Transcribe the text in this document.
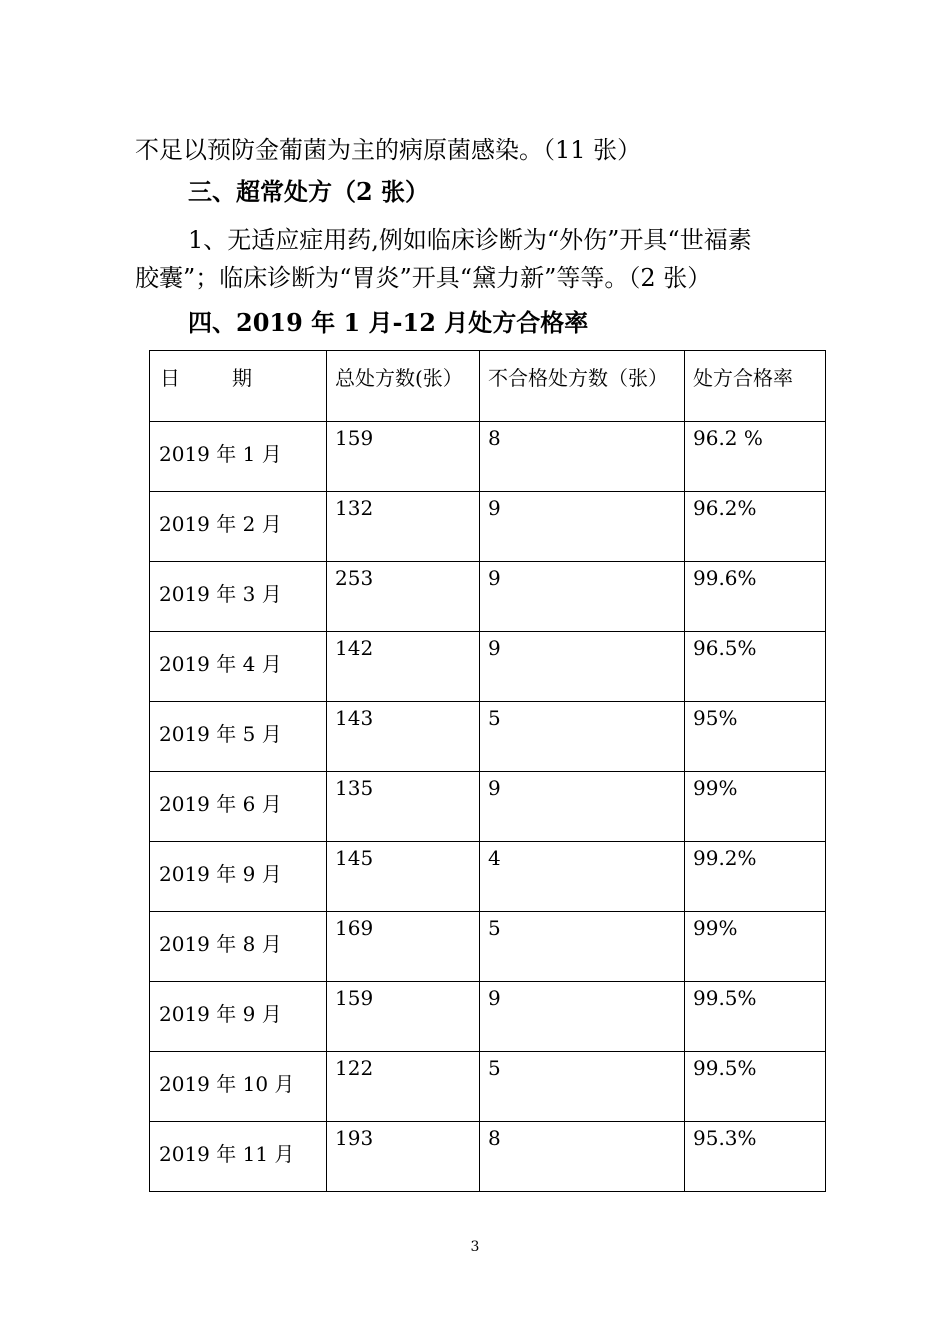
不足以预防金葡菌为主的病原菌感染。（11 张）
三、超常处方（2 张）
1、无适应症用药,例如临床诊断为“外伤”开具“世福素
胶囊”；临床诊断为“胃炎”开具“黛力新”等等。（2 张）
四、2019 年 1 月-12 月处方合格率
日 期	总处方数(张）	不合格处方数（张）	处方合格率

2019 年 1 月	159	8	96.2 %

2019 年 2 月	132	9	96.2%

2019 年 3 月	253	9	99.6%

2019 年 4 月	142	9	96.5%

2019 年 5 月	143	5	95%

2019 年 6 月	135	9	99%

2019 年 9 月	145	4	99.2%

2019 年 8 月	169	5	99%

2019 年 9 月	159	9	99.5%

2019 年 10 月	122	5	99.5%

2019 年 11 月	193	8	95.3%
3
